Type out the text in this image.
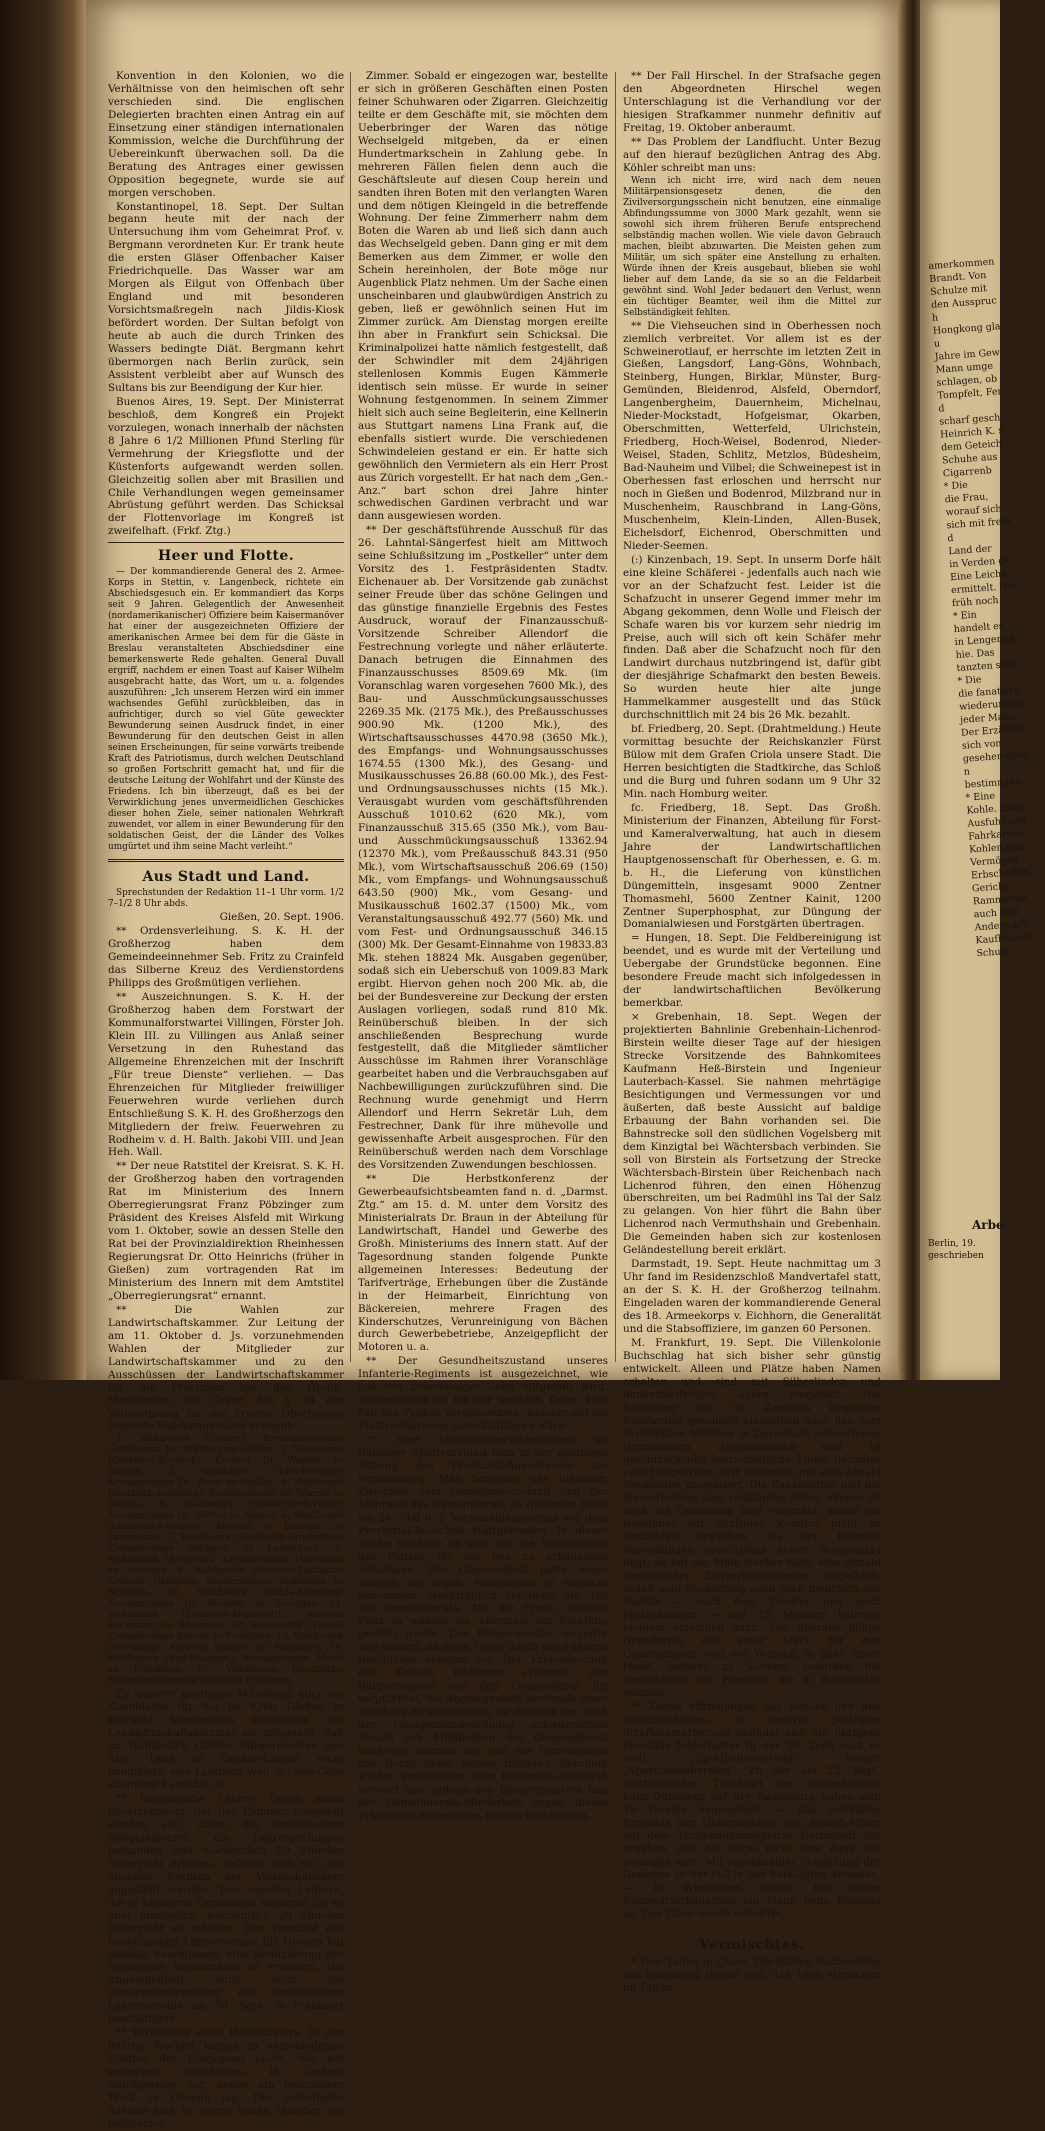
Konvention in den Kolonien, wo die Verhältnisse von den heimischen oft sehr verschieden sind. Die englischen Delegierten brachten einen Antrag ein auf Einsetzung einer ständigen internationalen Kommission, welche die Durchführung der Uebereinkunft überwachen soll. Da die Beratung des Antrages einer gewissen Opposition begegnete, wurde sie auf morgen verschoben.

Konstantinopel, 18. Sept. Der Sultan begann heute mit der nach der Untersuchung ihm vom Geheimrat Prof. v. Bergmann verordneten Kur. Er trank heute die ersten Gläser Offenbacher Kaiser Friedrichquelle. Das Wasser war am Morgen als Eilgut von Offenbach über England und mit besonderen Vorsichtsmaßregeln nach Jildis-Kiosk befördert worden. Der Sultan befolgt von heute ab auch die durch Trinken des Wassers bedingte Diät. Bergmann kehrt übermorgen nach Berlin zurück, sein Assistent verbleibt aber auf Wunsch des Sultans bis zur Beendigung der Kur hier.

Buenos Aires, 19. Sept. Der Ministerrat beschloß, dem Kongreß ein Projekt vorzulegen, wonach innerhalb der nächsten 8 Jahre 6 1/2 Millionen Pfund Sterling für Vermehrung der Kriegsflotte und der Küstenforts aufgewandt werden sollen. Gleichzeitig sollen aber mit Brasilien und Chile Verhandlungen wegen gemeinsamer Abrüstung geführt werden. Das Schicksal der Flottenvorlage im Kongreß ist zweifelhaft. (Frkf. Ztg.)

Heer und Flotte.

— Der kommandierende General des 2. Armee-Korps in Stettin, v. Langenbeck, richtete ein Abschiedsgesuch ein. Er kommandiert das Korps seit 9 Jahren. Gelegentlich der Anwesenheit (nordamerikanischer) Offiziere beim Kaisermanöver hat einer der ausgezeichneten Offiziere der amerikanischen Armee bei dem für die Gäste in Breslau veranstalteten Abschiedsdiner eine bemerkenswerte Rede gehalten. General Duvall ergriff, nachdem er einen Toast auf Kaiser Wilhelm ausgebracht hatte, das Wort, um u. a. folgendes auszuführen: „Ich unserem Herzen wird ein immer wachsendes Gefühl zurückbleiben, das in aufrichtiger, durch so viel Güte geweckter Bewunderung seinen Ausdruck findet, in einer Bewunderung für den deutschen Geist in allen seinen Erscheinungen, für seine vorwärts treibende Kraft des Patriotismus, durch welchen Deutschland so großen Fortschritt gemacht hat, und für die deutsche Leitung der Wohlfahrt und der Künste des Friedens. Ich bin überzeugt, daß es bei der Verwirklichung jenes unvermeidlichen Geschickes dieser hohen Ziele, seiner nationalen Wehrkraft zuwendet, vor allem in einer Bewunderung für den soldatischen Geist, der die Länder des Volkes umgürtet und ihm seine Macht verleiht.“

Aus Stadt und Land.

Sprechstunden der Redaktion 11–1 Uhr vorm. 1/2 7–1/2 8 Uhr abds.

Gießen, 20. Sept. 1906.

** Ordensverleihung. S. K. H. der Großherzog haben dem Gemeindeeinnehmer Seb. Fritz zu Crainfeld das Silberne Kreuz des Verdienstordens Philipps des Großmütigen verliehen.

** Auszeichnungen. S. K. H. der Großherzog haben dem Forstwart der Kommunalforstwartei Villingen, Förster Joh. Klein III. zu Villingen aus Anlaß seiner Versetzung in den Ruhestand das Allgemeine Ehrenzeichen mit der Inschrift „Für treue Dienste“ verliehen. — Das Ehrenzeichen für Mitglieder freiwilliger Feuerwehren wurde verliehen durch Entschließung S. K. H. des Großherzogs den Mitgliedern der freiw. Feuerwehren zu Rodheim v. d. H. Balth. Jakobi VIII. und Jean Heh. Wall.

** Der neue Ratstitel der Kreisrat. S. K. H. der Großherzog haben den vortragenden Rat im Ministerium des Innern Oberregierungsrat Franz Pöbzinger zum Präsident des Kreises Alsfeld mit Wirkung vom 1. Oktober, sowie an dessen Stelle den Rat bei der Provinzialdirektion Rheinhessen Regierungsrat Dr. Otto Heinrichs (früher in Gießen) zum vortragenden Rat im Ministerium des Innern mit dem Amtstitel „Oberregierungsrat“ ernannt.

** Die Wahlen zur Landwirtschaftskammer. Zur Leitung der am 11. Oktober d. Js. vorzunehmenden Wahlen der Mitglieder zur Landwirtschaftskammer und zu den Ausschüssen der Landwirtschaftskammer für die Provinzen hat das Großh. Ministerium auf Grund des § 24 der Wahlordnung für die Provinz Oberhessen folgende Wahlkommissäre ernannt:

1. Wahlbezirk (Gießen): Provinzialdirektor Geheimerat Dr. Breidert zu Gießen. 2. Wahlbezirk (Grünberg-Busbach): Kreisrat Dr. Wagner zu Gießen. 3. Wahlbezirk (Lich-Hungen): Kreisamtmann Dr. Wend zu Gießen. 4. Wahlbezirk (Butzbach-Homberg): Kreisamtmann Dr. Wörner zu Gießen. 5. Wahlbezirk (Alsfeld-Groß-Felda): Kreisamtmann Dr. Michel zu Alsfeld. 6. Wahlbezirk (Lauterbach-Schlitz): Kreisrat v. Ruhland zu Lauterbach. 7. Wahlbezirk (Herbstein-Ulrichstein): Kreisamtmann Gebhardt zu Lauterbach. 8. Wahlbezirk (Schotten): Kreisamtmann Haberkorn zu Schotten. 9. Wahlbezirk (Schotten-Laubach): Kreisrat Geheimer Regierungsrat Schönfeld zu Schotten. 10. Wahlbezirk (Nidda-Schotten): Kreisamtmann Dr. Schlöter in Büdingen. 11. Wahlbezirk (Büdingen-Altenstadt): Kreisrat Böckmann zu Büdingen. 12. Wahlbezirk (Vilbel): Kreisamtmann Werner zu Friedberg. 13. Wahlbezirk (Friedberg): Kreisrat Usinger zu Friedberg. 14. Wahlbezirk (Bad-Nauheim): Kreisamtmann Musel zu Friedberg. 15. Wahlbezirk (Butzbach): Regierungsassessor Weber zu Friedberg.

Zu unserer gestrigen Mitteilung über die Kandidaten für die im Kreis Gießen in Betracht kommenden Wahlkreise der Landwirtschaftskammer sei mitgeteilt, daß im Wahlbezirk Gießen Bürgermeister und Abg. Leun in Großen-Linden nicht kandidiert, also Landwirt Weil in Lang-Göns alleiniger Kandidat ist.

** Israelitische Lehrer. Durch einen Gesetzentwurf, der der Kammer vorgelegt werden soll, sollen die israelitischen Religionslehrer, die Lehrerprüfungen bestanden und wöchentlich 20 Stunden Unterricht erteilen, definitiv und mit den gleichen Rechten der Volksschullehrer angestellt werden. Den meisten Lehrern, die in kleineren Gemeinden amtieren, ist es aber unmöglich, wöchentlich 20 Stunden Unterricht zu erteilen. Der Vorstand des israelitischen Lehrervereins für Hessen hat deshalb beschlossen, eine Reduzierung der verlangten Stundenzahl zu erwirken. Die Angelegenheit wird auch die Generalversammlung des israelitischen Lehrervereins am 30. Sept. in Frankfurt beschäftigen.

** Verhaftung eines Hochstaplers. In den letzten Wochen kamen in verschiedenen Städten der Umgegend (auch, wie wir seinerzeit berichteten, in Gießen) Betrügereien vor, denen ein besonderer Trick zu Grunde lag. Der Schwindler mietete sich in einem feinen Quartier ein möbliertes

Zimmer. Sobald er eingezogen war, bestellte er sich in größeren Geschäften einen Posten feiner Schuhwaren oder Zigarren. Gleichzeitig teilte er dem Geschäfte mit, sie möchten dem Ueberbringer der Waren das nötige Wechselgeld mitgeben, da er einen Hundertmarkschein in Zahlung gebe. In mehreren Fällen fielen denn auch die Geschäftsleute auf diesen Coup herein und sandten ihren Boten mit den verlangten Waren und dem nötigen Kleingeld in die betreffende Wohnung. Der feine Zimmerherr nahm dem Boten die Waren ab und ließ sich dann auch das Wechselgeld geben. Dann ging er mit dem Bemerken aus dem Zimmer, er wolle den Schein hereinholen, der Bote möge nur Augenblick Platz nehmen. Um der Sache einen unscheinbaren und glaubwürdigen Anstrich zu geben, ließ er gewöhnlich seinen Hut im Zimmer zurück. Am Dienstag morgen ereilte ihn aber in Frankfurt sein Schicksal. Die Kriminalpolizei hatte nämlich festgestellt, daß der Schwindler mit dem 24jährigen stellenlosen Kommis Eugen Kämmerle identisch sein müsse. Er wurde in seiner Wohnung festgenommen. In seinem Zimmer hielt sich auch seine Begleiterin, eine Kellnerin aus Stuttgart namens Lina Frank auf, die ebenfalls sistiert wurde. Die verschiedenen Schwindeleien gestand er ein. Er hatte sich gewöhnlich den Vermietern als ein Herr Prost aus Zürich vorgestellt. Er hat nach dem „Gen.-Anz.“ bart schon drei Jahre hinter schwedischen Gardinen verbracht und war dann ausgewiesen worden.

** Der geschäftsführende Ausschuß für das 26. Lahntal-Sängerfest hielt am Mittwoch seine Schlußsitzung im „Postkeller“ unter dem Vorsitz des 1. Festpräsidenten Stadtv. Eichenauer ab. Der Vorsitzende gab zunächst seiner Freude über das schöne Gelingen und das günstige finanzielle Ergebnis des Festes Ausdruck, worauf der Finanzausschuß-Vorsitzende Schreiber Allendorf die Festrechnung vorlegte und näher erläuterte. Danach betrugen die Einnahmen des Finanzausschusses 8509.69 Mk. (im Voranschlag waren vorgesehen 7600 Mk.), des Bau- und Ausschmückungsausschusses 2269.35 Mk. (2175 Mk.), des Preßausschusses 900.90 Mk. (1200 Mk.), des Wirtschaftsausschusses 4470.98 (3650 Mk.), des Empfangs- und Wohnungsausschusses 1674.55 (1300 Mk.), des Gesang- und Musikausschusses 26.88 (60.00 Mk.), des Fest- und Ordnungsausschusses nichts (15 Mk.). Verausgabt wurden vom geschäftsführenden Ausschuß 1010.62 (620 Mk.), vom Finanzausschuß 315.65 (350 Mk.), vom Bau- und Ausschmückungsausschuß 13362.94 (12370 Mk.), vom Preßausschuß 843.31 (950 Mk.), vom Wirtschaftsausschuß 206.69 (150) Mk., vom Empfangs- und Wohnungsausschuß 643.50 (900) Mk., vom Gesang- und Musikausschuß 1602.37 (1500) Mk., vom Veranstaltungsausschuß 492.77 (560) Mk. und vom Fest- und Ordnungsausschuß 346.15 (300) Mk. Der Gesamt-Einnahme von 19833.83 Mk. stehen 18824 Mk. Ausgaben gegenüber, sodaß sich ein Ueberschuß von 1009.83 Mark ergibt. Hiervon gehen noch 200 Mk. ab, die bei der Bundesvereine zur Deckung der ersten Auslagen vorliegen, sodaß rund 810 Mk. Reinüberschuß bleiben. In der sich anschließenden Besprechung wurde festgestellt, daß die Mitglieder sämtlicher Ausschüsse im Rahmen ihrer Voranschläge gearbeitet haben und die Verbrauchsgaben auf Nachbewilligungen zurückzuführen sind. Die Rechnung wurde genehmigt und Herrn Allendorf und Herrn Sekretär Luh, dem Festrechner, Dank für ihre mühevolle und gewissenhafte Arbeit ausgesprochen. Für den Reinüberschuß werden nach dem Vorschlage des Vorsitzenden Zuwendungen beschlossen.

** Die Herbstkonferenz der Gewerbeaufsichtsbeamten fand n. d. „Darmst. Ztg.“ am 15. d. M. unter dem Vorsitz des Ministerialrats Dr. Braun in der Abteilung für Landwirtschaft, Handel und Gewerbe des Großh. Ministeriums des Innern statt. Auf der Tagesordnung standen folgende Punkte allgemeinen Interesses: Bedeutung der Tarifverträge, Erhebungen über die Zustände in der Heimarbeit, Einrichtung von Bäckereien, mehrere Fragen des Kinderschutzes, Verunreinigung von Bächen durch Gewerbebetriebe, Anzeigepflicht der Motoren u. a.

** Der Gesundheitszustand unseres Infanterie-Regiments ist ausgezeichnet, wie uns von zuverlässiger Seite mitgeteilt wird. Insbesondere ist bis vor wenigen Tagen kein Fall von Typhus vorgekommen, welcher auf die Platzverhältnisse zurückzuführen wäre.

** Eine Meinungsverschiedenheit im Büdinger Stadtvorstand kam in der gestrigen Sitzung des Provinzial-Ausschusses zur Verhandlung. Man berichtet uns hierüber: Zwischen dem Gemeindevorstand und der Mehrheit des Gemeinderats zu Büdingen hatte am 28. Mai d. J. Verhandlungstermin vor dem Provinzial-Ausschuß stattgefunden. In dieser Sache handelte es sich um die Bestimmung des Platzes für ein neu zu erbauendes Schulhaus. Der Gemeinderat hatte einen solchen am sogen. Wildenstein in Aussicht genommen. Nachträglich verlangte ein Teil des Gemeinderats, daß die Frage, welcher Platz zu wählen sei, abermals zur Beratung gestellt werde. Der Bürgermeister weigerte sich dessen, da diese Frage durch die früheren Beschlüsse abgetan sei. Der Kreisausschuß des Kreises Büdingen erkannte den Bürgermeister und den Gemeinderat für verpflichtet, die Angelegenheit nochmals einer Beratung zu unterziehen, da dies von der nach der Landgemeindeordnung erforderlichen Anzahl von Mitgliedern des Gemeinderats beantragt worden sei, und der Gemeinderat das Recht habe, seinen früheren Beschluß wieder umzustoßen. Der Provinzial-Ausschuß verwarf den seitens des Bürgermeisters und der Gemeinderats-Minderheit gegen dieses Erkenntnis eingelegten Rekurs kostenfällig.

** Der Fall Hirschel. In der Strafsache gegen den Abgeordneten Hirschel wegen Unterschlagung ist die Verhandlung vor der hiesigen Strafkammer nunmehr definitiv auf Freitag, 19. Oktober anberaumt.

** Das Problem der Landflucht. Unter Bezug auf den hierauf bezüglichen Antrag des Abg. Köhler schreibt man uns:

Wenn ich nicht irre, wird nach dem neuen Militärpensionsgesetz denen, die den Zivilversorgungsschein nicht benutzen, eine einmalige Abfindungssumme von 3000 Mark gezahlt, wenn sie sowohl sich ihrem früheren Berufe entsprechend selbständig machen wollen. Wie viele davon Gebrauch machen, bleibt abzuwarten. Die Meisten gehen zum Militär, um sich später eine Anstellung zu erhalten. Würde ihnen der Kreis ausgebaut, blieben sie wohl lieber auf dem Lande, da sie so an die Feldarbeit gewöhnt sind. Wohl Jeder bedauert den Verlust, wenn ein tüchtiger Beamter, weil ihm die Mittel zur Selbständigkeit fehlten.

** Die Viehseuchen sind in Oberhessen noch ziemlich verbreitet. Vor allem ist es der Schweinerotlauf, er herrschte im letzten Zeit in Gießen, Langsdorf, Lang-Göns, Wohnbach, Steinberg, Hungen, Birklar, Münster, Burg-Gemünden, Bleidenrod, Alsfeld, Oberndorf, Langenbergheim, Dauernheim, Michelnau, Nieder-Mockstadt, Hofgeismar, Okarben, Oberschmitten, Wetterfeld, Ulrichstein, Friedberg, Hoch-Weisel, Bodenrod, Nieder-Weisel, Staden, Schlitz, Metzlos, Büdesheim, Bad-Nauheim und Vilbel; die Schweinepest ist in Oberhessen fast erloschen und herrscht nur noch in Gießen und Bodenrod, Milzbrand nur in Muschenheim, Rauschbrand in Lang-Göns, Muschenheim, Klein-Linden, Allen-Busek, Eichelsdorf, Eichenrod, Oberschmitten und Nieder-Seemen.

(:) Kinzenbach, 19. Sept. In unserm Dorfe hält eine kleine Schäferei - jedenfalls auch nach wie vor an der Schafzucht fest. Leider ist die Schafzucht in unserer Gegend immer mehr im Abgang gekommen, denn Wolle und Fleisch der Schafe waren bis vor kurzem sehr niedrig im Preise, auch will sich oft kein Schäfer mehr finden. Daß aber die Schafzucht noch für den Landwirt durchaus nutzbringend ist, dafür gibt der diesjährige Schafmarkt den besten Beweis. So wurden heute hier alte junge Hammelkammer ausgestellt und das Stück durchschnittlich mit 24 bis 26 Mk. bezahlt.

bf. Friedberg, 20. Sept. (Drahtmeldung.) Heute vormittag besuchte der Reichskanzler Fürst Bülow mit dem Grafen Criola unsere Stadt. Die Herren besichtigten die Stadtkirche, das Schloß und die Burg und fuhren sodann um 9 Uhr 32 Min. nach Homburg weiter.

fc. Friedberg, 18. Sept. Das Großh. Ministerium der Finanzen, Abteilung für Forst- und Kameralverwaltung, hat auch in diesem Jahre der Landwirtschaftlichen Hauptgenossenschaft für Oberhessen, e. G. m. b. H., die Lieferung von künstlichen Düngemitteln, insgesamt 9000 Zentner Thomasmehl, 5600 Zentner Kainit, 1200 Zentner Superphosphat, zur Düngung der Domanialwiesen und Forstgärten übertragen.

= Hungen, 18. Sept. Die Feldbereinigung ist beendet, und es wurde mit der Verteilung und Uebergabe der Grundstücke begonnen. Eine besondere Freude macht sich infolgedessen in der landwirtschaftlichen Bevölkerung bemerkbar.

× Grebenhain, 18. Sept. Wegen der projektierten Bahnlinie Grebenhain-Lichenrod-Birstein weilte dieser Tage auf der hiesigen Strecke Vorsitzende des Bahnkomitees Kaufmann Heß-Birstein und Ingenieur Lauterbach-Kassel. Sie nahmen mehrtägige Besichtigungen und Vermessungen vor und äußerten, daß beste Aussicht auf baldige Erbauung der Bahn vorhanden sei. Die Bahnstrecke soll den südlichen Vogelsberg mit dem Kinzigtal bei Wächtersbach verbinden. Sie soll von Birstein als Fortsetzung der Strecke Wächtersbach-Birstein über Reichenbach nach Lichenrod führen, den einen Höhenzug überschreiten, um bei Radmühl ins Tal der Salz zu gelangen. Von hier führt die Bahn über Lichenrod nach Vermuthshain und Grebenhain. Die Gemeinden haben sich zur kostenlosen Geländestellung bereit erklärt.

Darmstadt, 19. Sept. Heute nachmittag um 3 Uhr fand im Residenzschloß Mandvertafel statt, an der S. K. H. der Großherzog teilnahm. Eingeladen waren der kommandierende General des 18. Armeekorps v. Eichhorn, die Generalität und die Stabsoffiziere, im ganzen 60 Personen.

M. Frankfurt, 19. Sept. Die Villenkolonie Buchschlag hat sich bisher sehr günstig entwickelt. Alleen und Plätze haben Namen erhalten und sind mit Silberlinden und dunkelblätterigen Ahorn eingefaßt. Die Bebauung des im Zentrum liegenden Bauviertels geschieht einheitlich nach den vom Architekten Meißner in Darmstadt entworfenen Grundsätzen. Augenblicklich sind 16 geschmackvolle herrschaftliche Villen, darunter zwei Doppelvillen fast vollendet und eine Anzahl Neubauten projektiert. Die Kanalisation und die Wasserleitung sind vollständig fertig, ebenso ist auch die Gasleitung bald vollendet, sodaß die Bewohner auf künftigen Komfort nicht zu verzichten brauchen. Da der Bahnhof Sprendlingen unmittelbar neben Buchschlag liegt, so hat die Main-Neckar-Bahn eine Anzahl wesentlicher Zugverbesserungen eingeführt, sodaß man Buchschlag auch noch mehrfach des Nachts — nach dem Theater und nach Festlichkeiten — mit 15 Minuten Fahrzeit bequem erreichen kann. Der überaus billige Grundpreis von einer Mark für den Quadratmeter, und der Wunsch, in ganz fester Hand, wohnen zu können, bewirken die Ansiedelung von Familien, die in Buchschlag wohnen.

** Kleine Mitteilungen aus Hessen und den Nachbarstaaten. In unserm gestrigen Strafkammerbericht befindet sich ein übrigens ebenfalls fehlerhafter In der 30. Zeile muß es statt „Spottliebhabereien“ heißen „Sportliebhabereien“. Zu der am 23. Sept. stattfindenden Turnfahrt des Turnerbundes Lahn-Dünsberg auf der Badenburg haben sich 18 Vereine angemeldet. — Das vorläufige Ergebnis der Untersuchung des Schieß-Affäre auf dem Truppenübungsplatze Darmstadt hat ergeben, daß die Kugel nicht vom Zuge aus gelangen kam. Mit vollständiger Schließung der Gewehre ist der Fall in den beteiligten Anwesen. — In Wiesbaden wurde bei einem Bahnwärterhäuschen ein Mann beim Bahnhof an. Der Täter wurde verhaftet.

Vermischtes.

* Vom Taifun in China. Die letzten Nachrichten aus Hongkong stellen fest, daß 1000 Menschen im Taifun

amerkommen
Brandt. Von
Schulze mit
den Ausspruch
Hongkong glau
Jahre im Gew
Mann umge
schlagen, ob
Tompfelt, Ferd
scharf gesch
Heinrich K. s
dem Geteich
Schuhe aus
Cigarrenb
* Die
die Frau,
worauf sich
sich mit fremd
Land der
in Verden ge
Eine Leiche
ermittelt. Die
früh noch
* Ein
handelt es
in Lengerich
hie. Das
tanzten sich
* Die
die fanatisch
wiederum ein
jeder Mann
Der Erzähler
sich von
gesehen davon
bestimmten.
* Eine
Kohle. Zwei
Ausfuhr und
Fahrkarten
Kohlen und
Vermögen
Erbschaften
Gericht
Rammstadt
auch hier
Andere sch
Kaufhäuser
Schule
Arbe
Berlin, 19.
geschrieben
